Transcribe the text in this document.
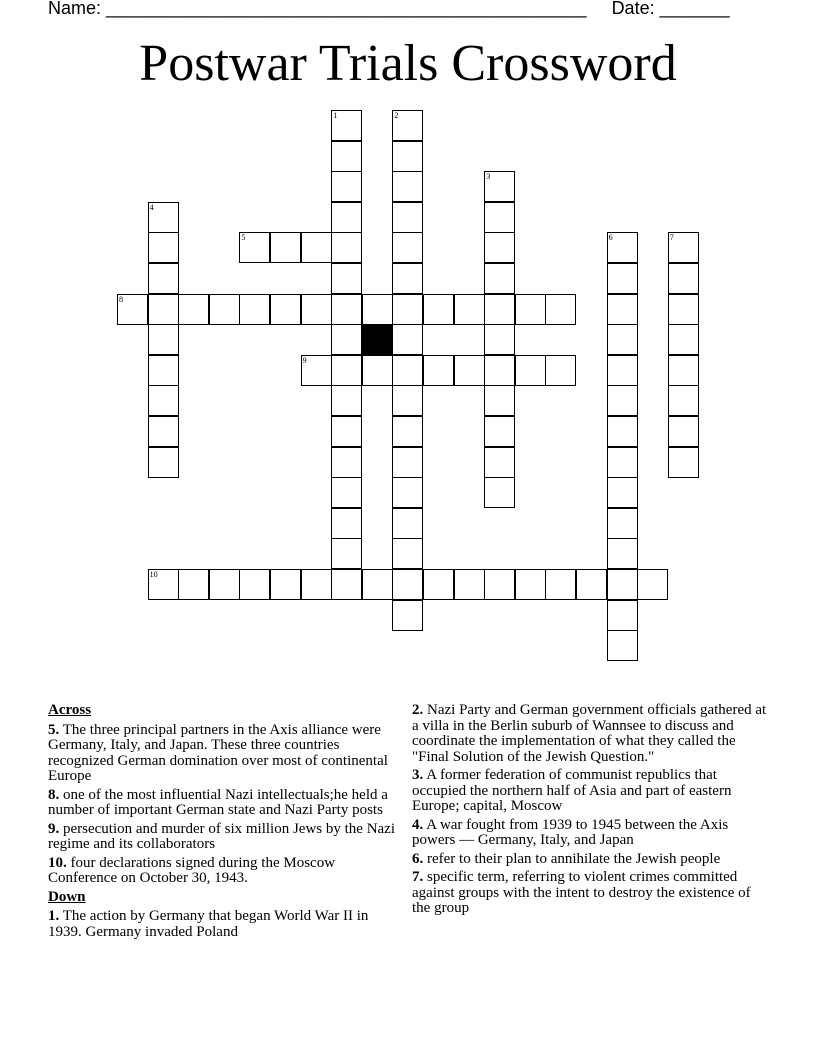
Name: ________________________________________________ Date: _______
Postwar Trials Crossword
1	2
3
4
5	6	7
8
9
10
Across
5. The three principal partners in the Axis alliance were Germany, Italy, and Japan. These three countries recognized German domination over most of continental Europe
8. one of the most influential Nazi intellectuals;he held a number of important German state and Nazi Party posts
9. persecution and murder of six million Jews by the Nazi regime and its collaborators
10. four declarations signed during the Moscow Conference on October 30, 1943.
Down
1. The action by Germany that began World War II in 1939. Germany invaded Poland
2. Nazi Party and German government officials gathered at a villa in the Berlin suburb of Wannsee to discuss and coordinate the implementation of what they called the "Final Solution of the Jewish Question."
3. A former federation of communist republics that occupied the northern half of Asia and part of eastern Europe; capital, Moscow
4. A war fought from 1939 to 1945 between the Axis powers — Germany, Italy, and Japan
6. refer to their plan to annihilate the Jewish people
7. specific term, referring to violent crimes committed against groups with the intent to destroy the existence of the group
